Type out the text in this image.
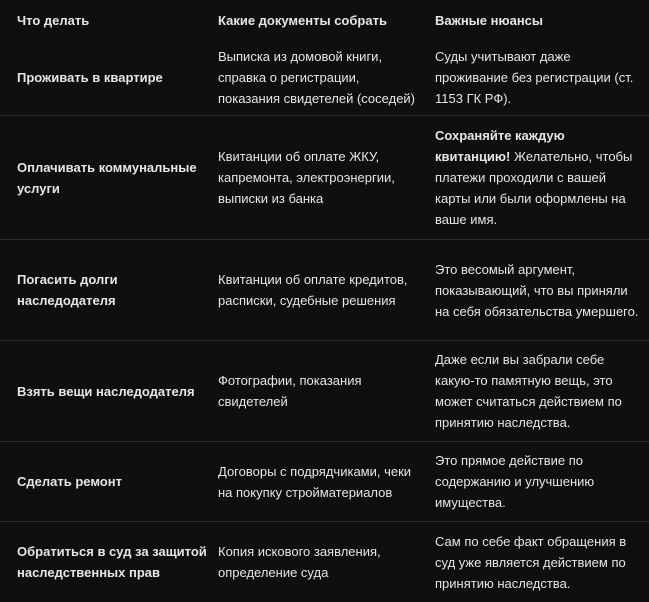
Что делать	Какие документы собрать	Важные нюансы
Проживать в квартире
Выписка из домовой книги, справка о регистрации, показания свидетелей (соседей)
Суды учитывают даже проживание без регистрации (ст. 1153 ГК РФ).
Оплачивать коммунальные услуги
Квитанции об оплате ЖКУ, капремонта, электроэнергии, выписки из банка
Сохраняйте каждую квитанцию! Желательно, чтобы платежи проходили с вашей карты или были оформлены на ваше имя.
Погасить долги наследодателя
Квитанции об оплате кредитов, расписки, судебные решения
Это весомый аргумент, показывающий, что вы приняли на себя обязательства умершего.
Взять вещи наследодателя
Фотографии, показания свидетелей
Даже если вы забрали себе какую-то памятную вещь, это может считаться действием по принятию наследства.
Сделать ремонт
Договоры с подрядчиками, чеки на покупку стройматериалов
Это прямое действие по содержанию и улучшению имущества.
Обратиться в суд за защитой наследственных прав
Копия искового заявления, определение суда
Сам по себе факт обращения в суд уже является действием по принятию наследства.
